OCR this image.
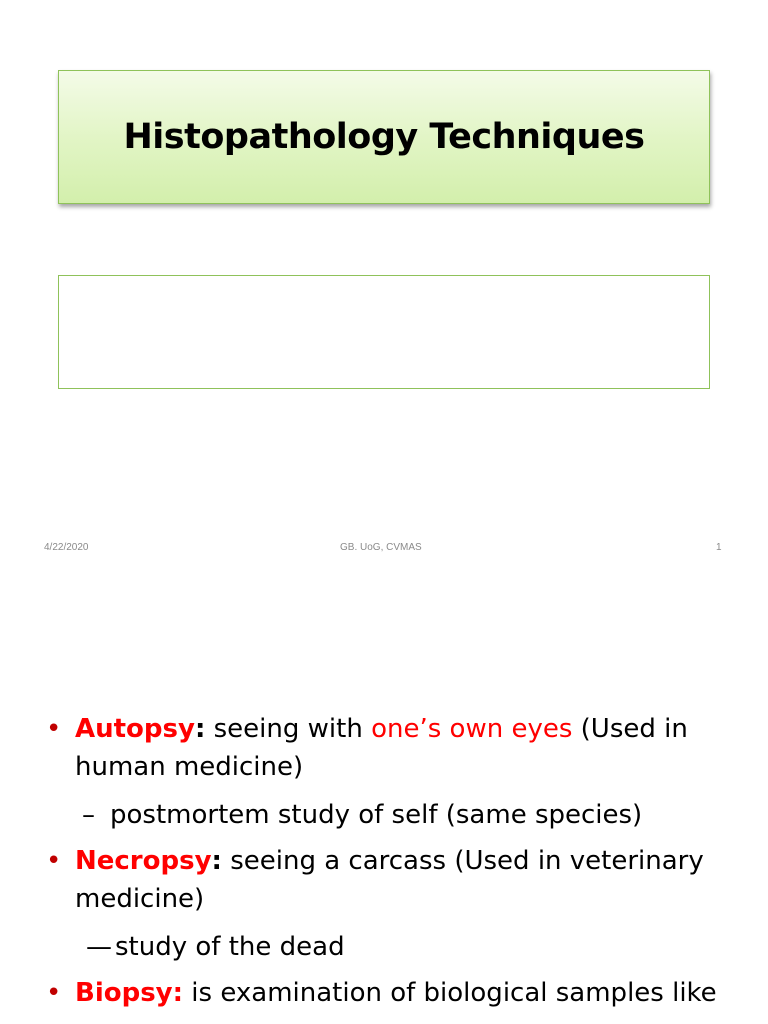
Histopathology Techniques
4/22/2020	GB. UoG, CVMAS	1
• Autopsy: seeing with one’s own eyes (Used in human medicine)
– postmortem study of self (same species)
• Necropsy: seeing a carcass (Used in veterinary medicine)
— study of the dead
• Biopsy: is examination of biological samples like
